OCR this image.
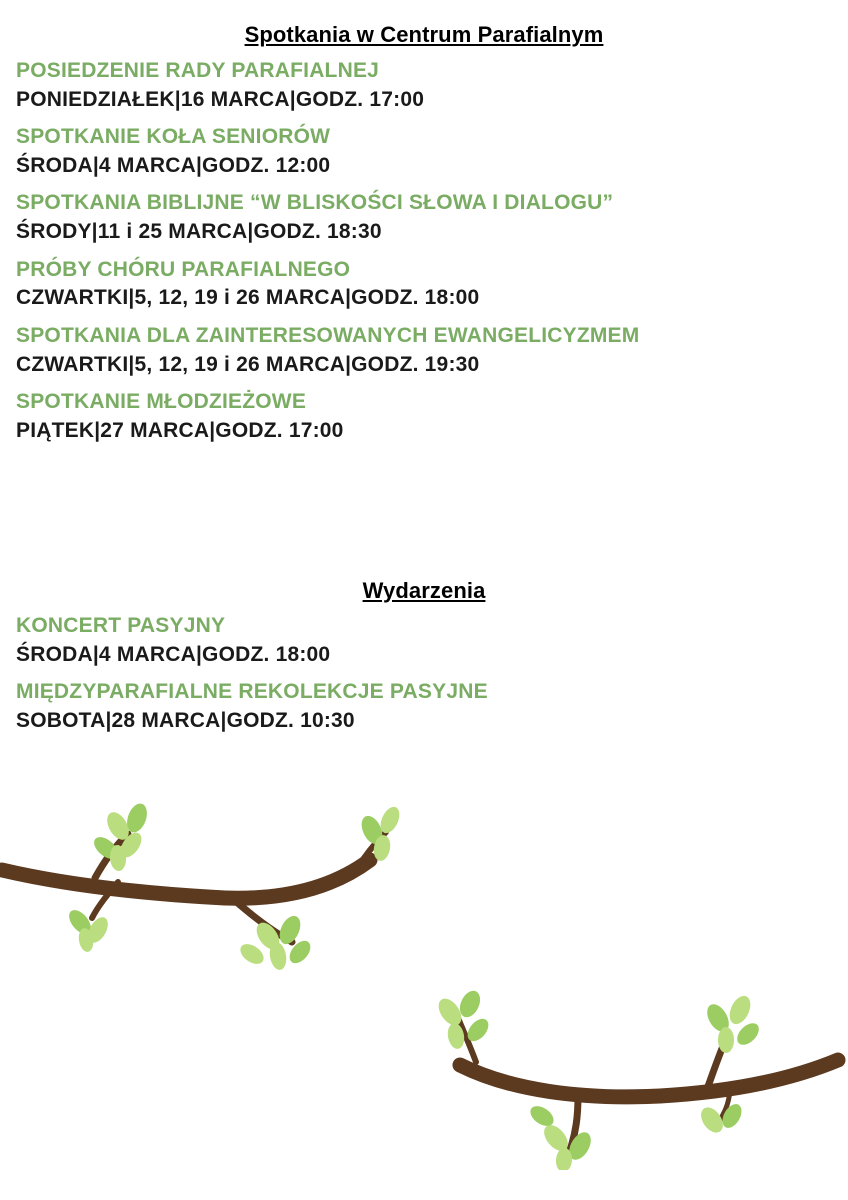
Spotkania w Centrum Parafialnym
POSIEDZENIE RADY PARAFIALNEJ
PONIEDZIAŁEK|16 MARCA|GODZ. 17:00
SPOTKANIE KOŁA SENIORÓW
ŚRODA|4 MARCA|GODZ. 12:00
SPOTKANIA BIBLIJNE “W BLISKOŚCI SŁOWA I DIALOGU”
ŚRODY|11 i 25 MARCA|GODZ. 18:30
PRÓBY CHÓRU PARAFIALNEGO
CZWARTKI|5, 12, 19 i 26 MARCA|GODZ. 18:00
SPOTKANIA DLA ZAINTERESOWANYCH EWANGELICYZMEM
CZWARTKI|5, 12, 19 i 26 MARCA|GODZ. 19:30
SPOTKANIE MŁODZIEŻOWE
PIĄTEK|27 MARCA|GODZ. 17:00
Wydarzenia
KONCERT PASYJNY
ŚRODA|4 MARCA|GODZ. 18:00
MIĘDZYPARAFIALNE REKOLEKCJE PASYJNE
SOBOTA|28 MARCA|GODZ. 10:30
